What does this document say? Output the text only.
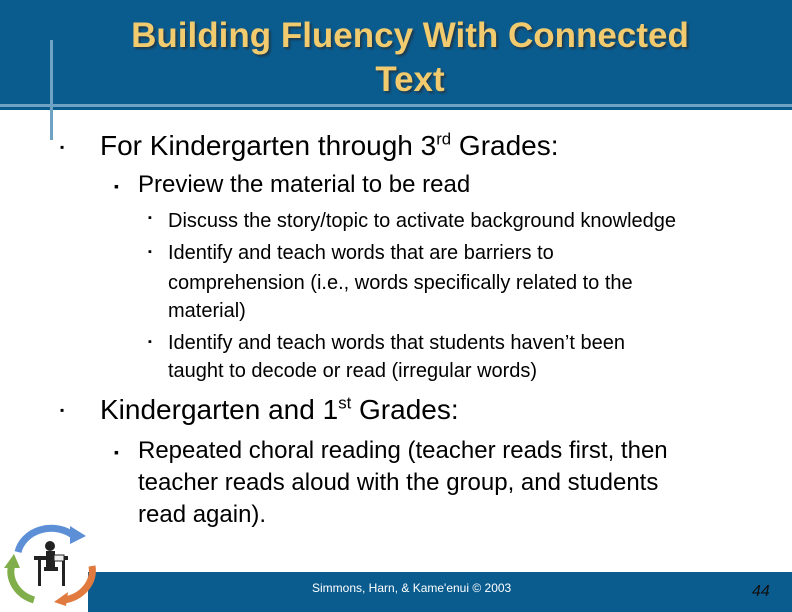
Building Fluency With Connected
Text
▪ For Kindergarten through 3rd Grades:
▪ Preview the material to be read
▪ Discuss the story/topic to activate background knowledge
▪ Identify and teach words that are barriers to
comprehension (i.e., words specifically related to the
material)
▪ Identify and teach words that students haven’t been
taught to decode or read (irregular words)
▪ Kindergarten and 1st Grades:
▪ Repeated choral reading (teacher reads first, then
teacher reads aloud with the group, and students
read again).
Simmons, Harn, & Kame'enui © 2003	44
